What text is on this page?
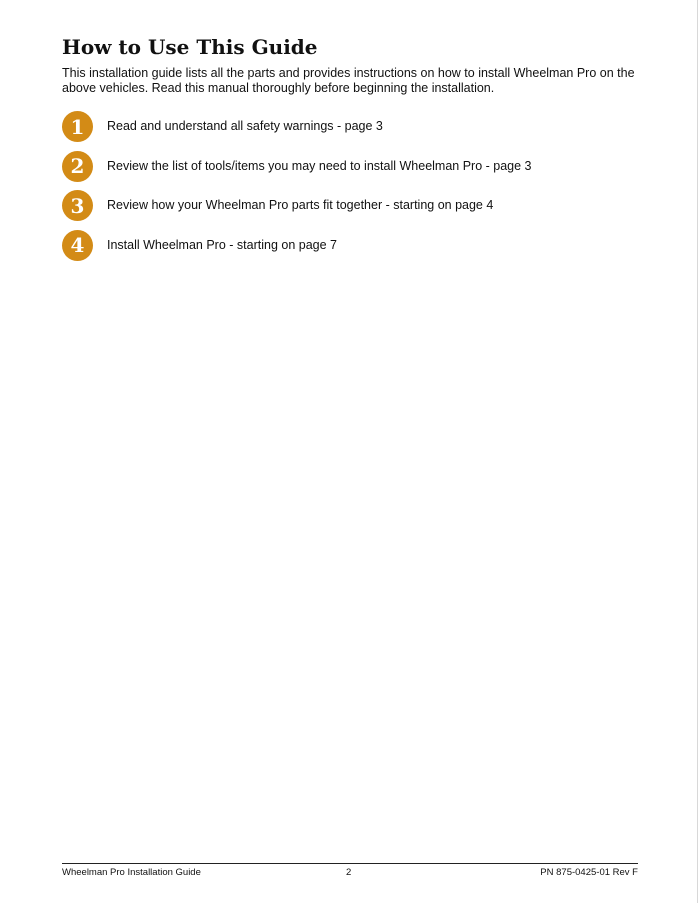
How to Use This Guide

This installation guide lists all the parts and provides instructions on how to install Wheelman Pro on the above vehicles. Read this manual thoroughly before beginning the installation.

1	Read and understand all safety warnings - page 3
2	Review the list of tools/items you may need to install Wheelman Pro - page 3
3	Review how your Wheelman Pro parts fit together - starting on page 4
4	Install Wheelman Pro - starting on page 7
Wheelman Pro Installation Guide	2	PN 875-0425-01 Rev F
